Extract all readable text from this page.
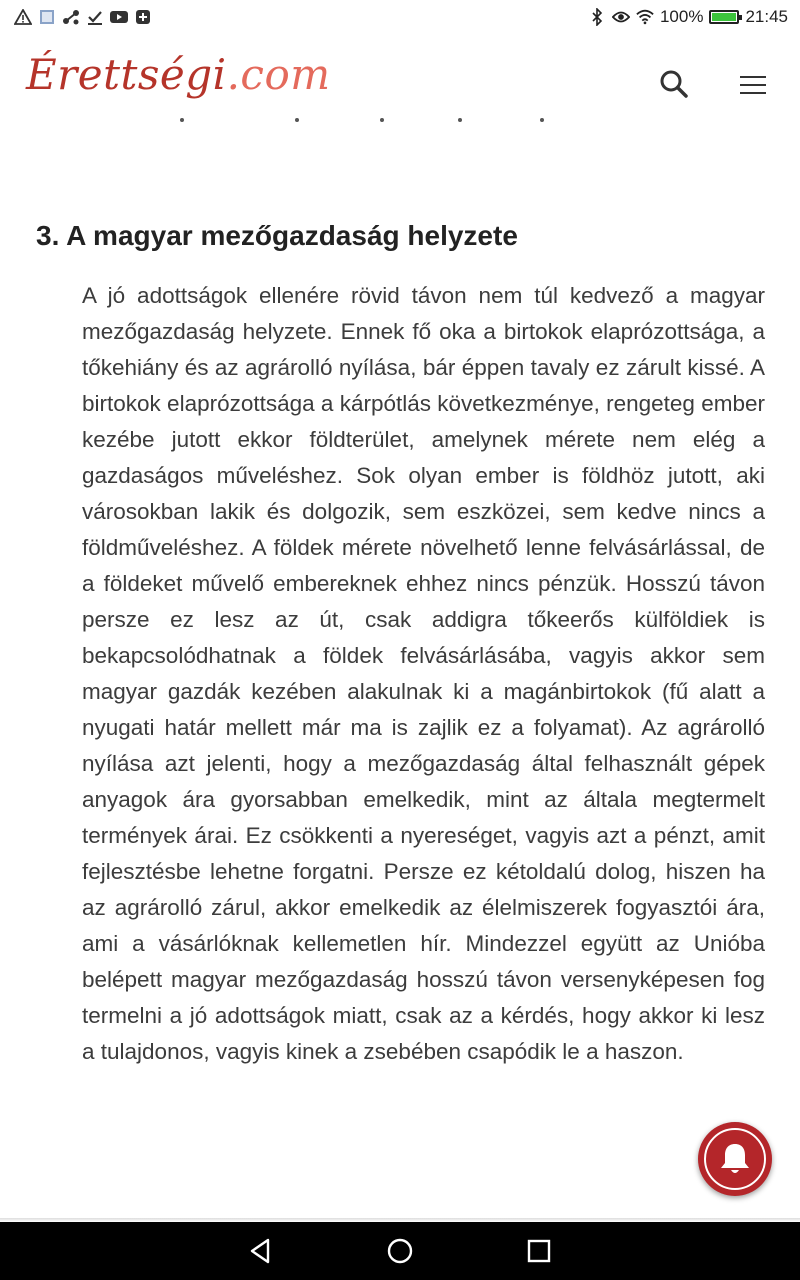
100% 21:45
Érettségi.com
3. A magyar mezőgazdaság helyzete

A jó adottságok ellenére rövid távon nem túl kedvező a magyar mezőgazdaság helyzete. Ennek fő oka a birtokok elaprózottsága, a tőkehiány és az agrárolló nyílása, bár éppen tavaly ez zárult kissé. A birtokok elaprózottsága a kárpótlás következménye, rengeteg ember kezébe jutott ekkor földterület, amelynek mérete nem elég a gazdaságos műveléshez. Sok olyan ember is földhöz jutott, aki városokban lakik és dolgozik, sem eszközei, sem kedve nincs a földműveléshez. A földek mérete növelhető lenne felvásárlással, de a földeket művelő embereknek ehhez nincs pénzük. Hosszú távon persze ez lesz az út, csak addigra tőkeerős külföldiek is bekapcsolódhatnak a földek felvásárlásába, vagyis akkor sem magyar gazdák kezében alakulnak ki a magánbirtokok (fű alatt a nyugati határ mellett már ma is zajlik ez a folyamat). Az agrárolló nyílása azt jelenti, hogy a mezőgazdaság által felhasznált gépek anyagok ára gyorsabban emelkedik, mint az általa megtermelt termények árai. Ez csökkenti a nyereséget, vagyis azt a pénzt, amit fejlesztésbe lehetne forgatni. Persze ez kétoldalú dolog, hiszen ha az agrárolló zárul, akkor emelkedik az élelmiszerek fogyasztói ára, ami a vásárlóknak kellemetlen hír. Mindezzel együtt az Unióba belépett magyar mezőgazdaság hosszú távon versenyképesen fog termelni a jó adottságok miatt, csak az a kérdés, hogy akkor ki lesz a tulajdonos, vagyis kinek a zsebében csapódik le a haszon.
